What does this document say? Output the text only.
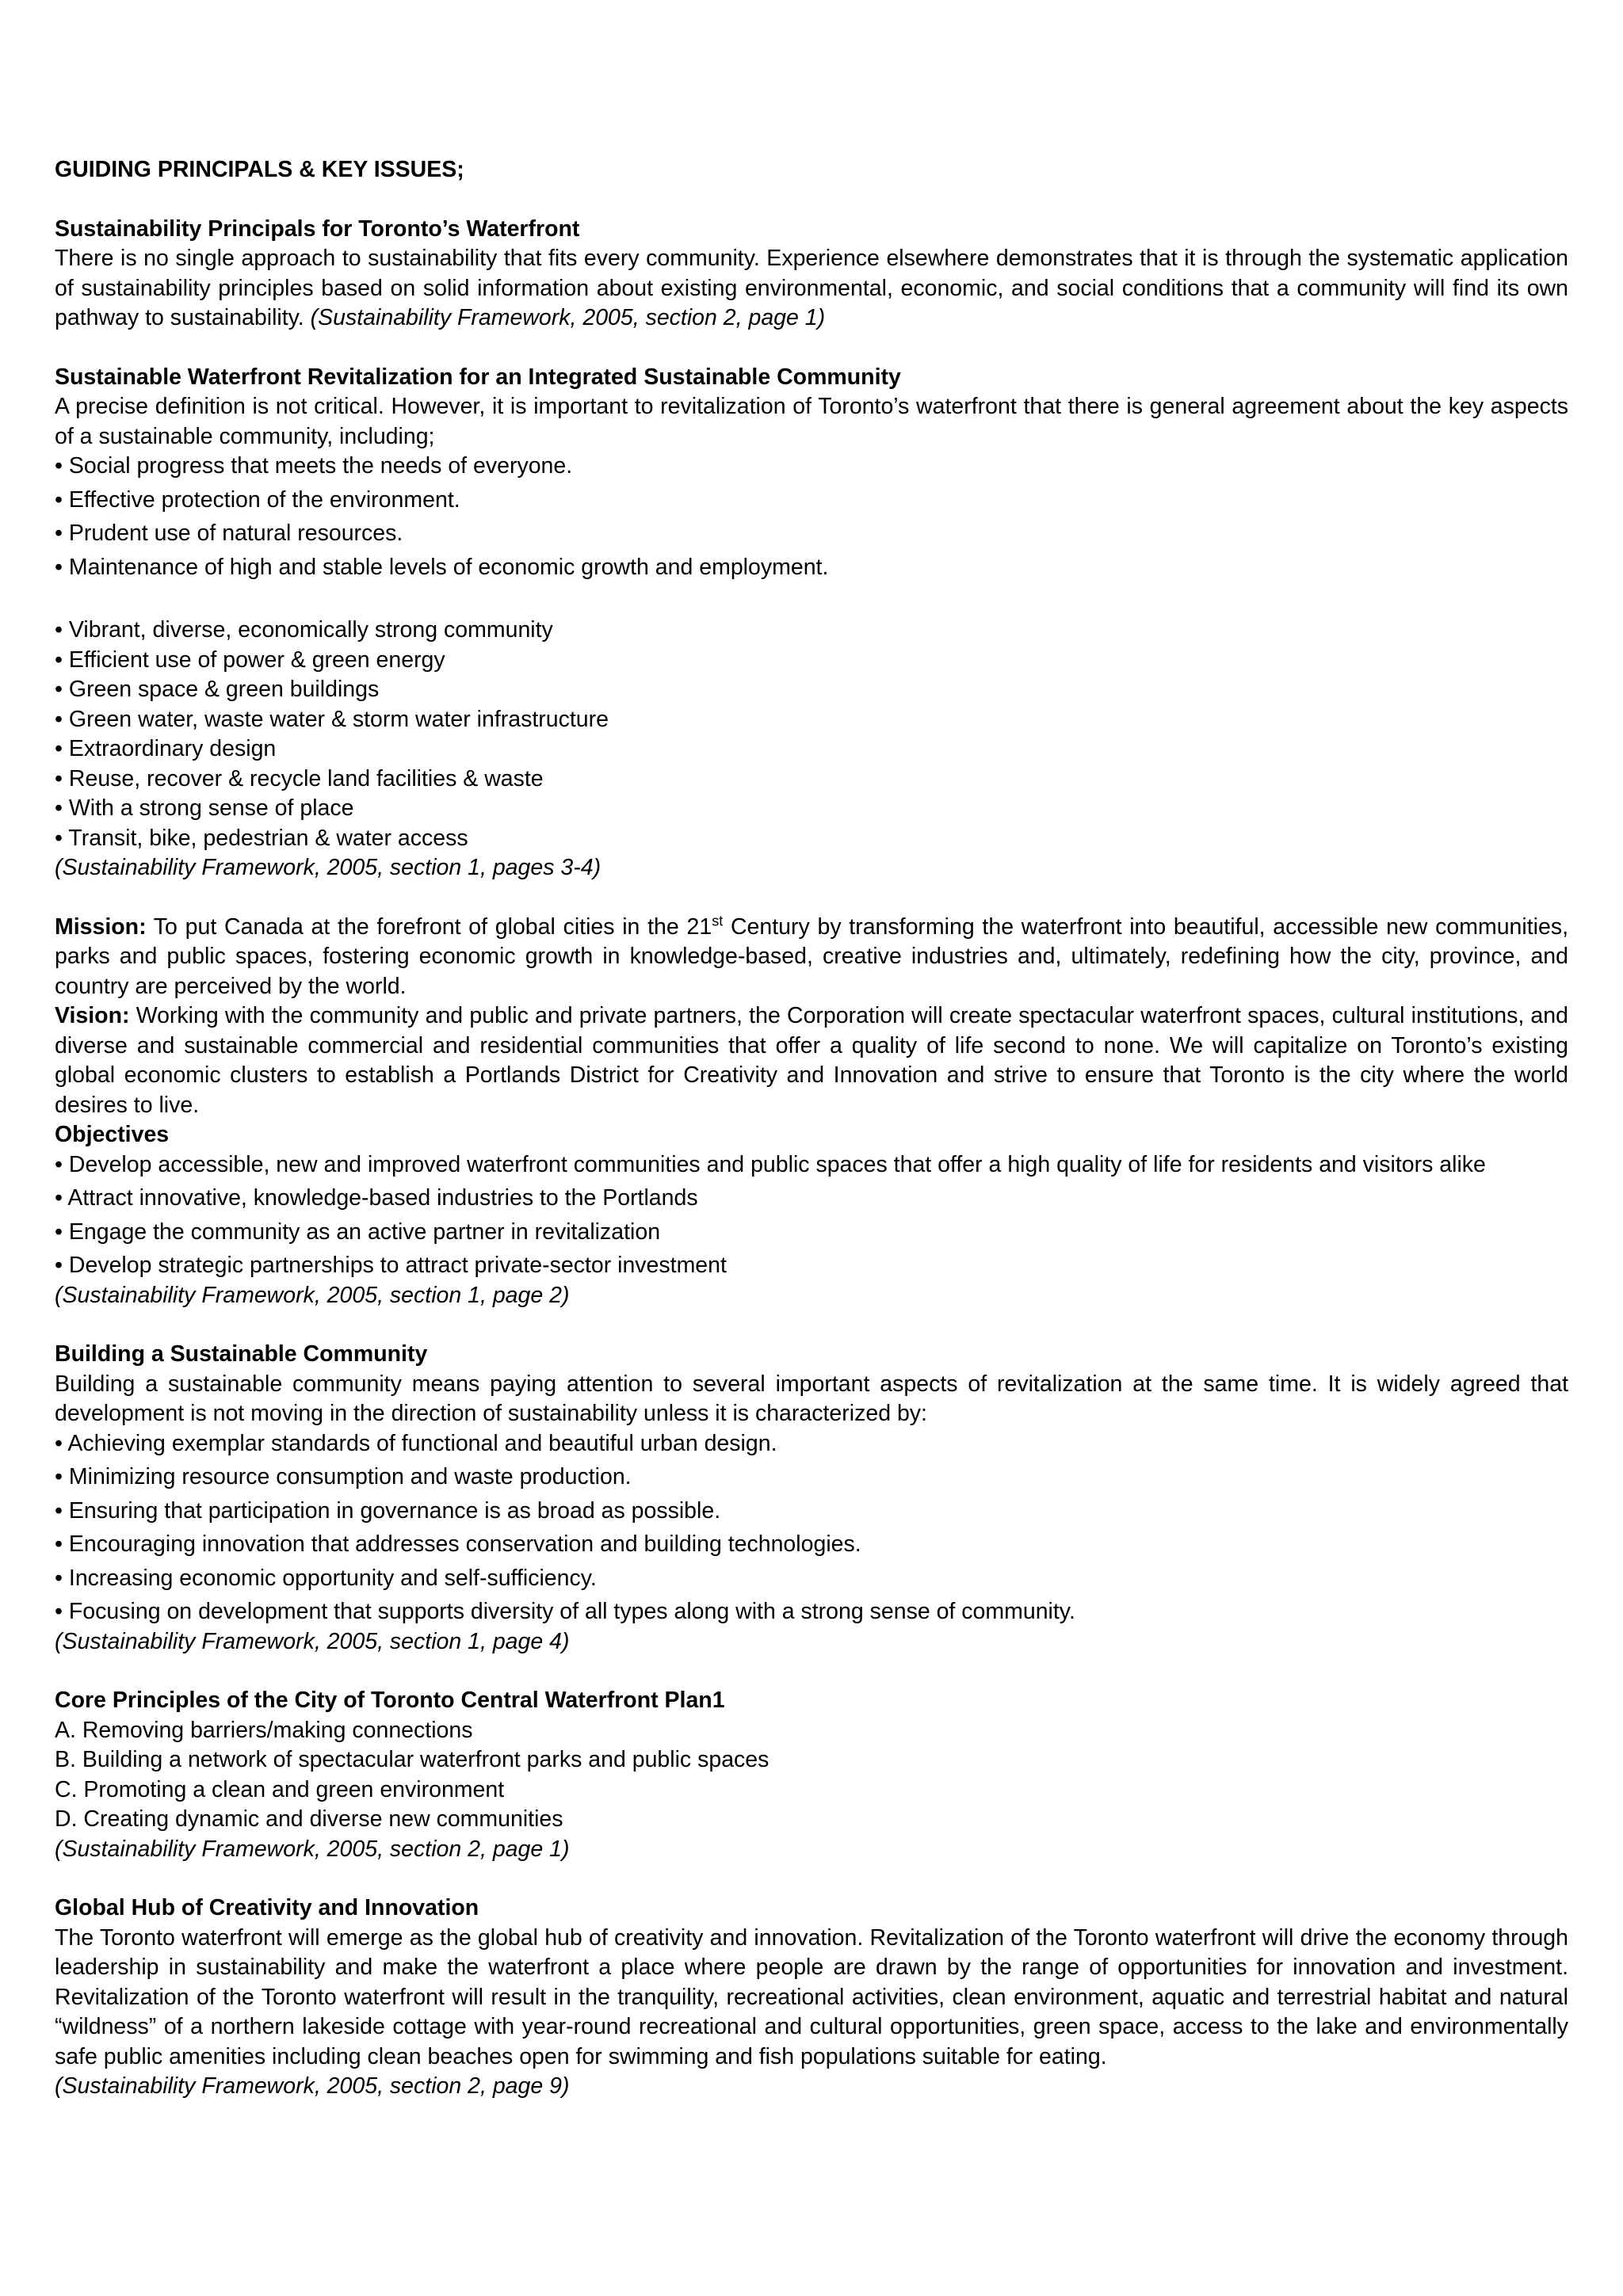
GUIDING PRINCIPALS & KEY ISSUES;
Sustainability Principals for Toronto’s Waterfront

There is no single approach to sustainability that fits every community. Experience elsewhere demonstrates that it is through the systematic application of sustainability principles based on solid information about existing environmental, economic, and social conditions that a community will find its own pathway to sustainability. (Sustainability Framework, 2005, section 2, page 1)

Sustainable Waterfront Revitalization for an Integrated Sustainable Community

A precise definition is not critical. However, it is important to revitalization of Toronto’s waterfront that there is general agreement about the key aspects of a sustainable community, including;

• Social progress that meets the needs of everyone.
• Effective protection of the environment.
• Prudent use of natural resources.
• Maintenance of high and stable levels of economic growth and employment.
• Vibrant, diverse, economically strong community
• Efficient use of power & green energy
• Green space & green buildings
• Green water, waste water & storm water infrastructure
• Extraordinary design
• Reuse, recover & recycle land facilities & waste
• With a strong sense of place
• Transit, bike, pedestrian & water access
(Sustainability Framework, 2005, section 1, pages 3-4)

Mission: To put Canada at the forefront of global cities in the 21st Century by transforming the waterfront into beautiful, accessible new communities, parks and public spaces, fostering economic growth in knowledge-based, creative industries and, ultimately, redefining how the city, province, and country are perceived by the world.

Vision: Working with the community and public and private partners, the Corporation will create spectacular waterfront spaces, cultural institutions, and diverse and sustainable commercial and residential communities that offer a quality of life second to none. We will capitalize on Toronto’s existing global economic clusters to establish a Portlands District for Creativity and Innovation and strive to ensure that Toronto is the city where the world desires to live.

Objectives
• Develop accessible, new and improved waterfront communities and public spaces that offer a high quality of life for residents and visitors alike
• Attract innovative, knowledge-based industries to the Portlands
• Engage the community as an active partner in revitalization
• Develop strategic partnerships to attract private-sector investment
(Sustainability Framework, 2005, section 1, page 2)
Building a Sustainable Community

Building a sustainable community means paying attention to several important aspects of revitalization at the same time. It is widely agreed that development is not moving in the direction of sustainability unless it is characterized by:

• Achieving exemplar standards of functional and beautiful urban design.
• Minimizing resource consumption and waste production.
• Ensuring that participation in governance is as broad as possible.
• Encouraging innovation that addresses conservation and building technologies.
• Increasing economic opportunity and self-sufficiency.
• Focusing on development that supports diversity of all types along with a strong sense of community.
(Sustainability Framework, 2005, section 1, page 4)
Core Principles of the City of Toronto Central Waterfront Plan1
A. Removing barriers/making connections
B. Building a network of spectacular waterfront parks and public spaces
C. Promoting a clean and green environment
D. Creating dynamic and diverse new communities
(Sustainability Framework, 2005, section 2, page 1)
Global Hub of Creativity and Innovation

The Toronto waterfront will emerge as the global hub of creativity and innovation. Revitalization of the Toronto waterfront will drive the economy through leadership in sustainability and make the waterfront a place where people are drawn by the range of opportunities for innovation and investment. Revitalization of the Toronto waterfront will result in the tranquility, recreational activities, clean environment, aquatic and terrestrial habitat and natural “wildness” of a northern lakeside cottage with year-round recreational and cultural opportunities, green space, access to the lake and environmentally safe public amenities including clean beaches open for swimming and fish populations suitable for eating.

(Sustainability Framework, 2005, section 2, page 9)
